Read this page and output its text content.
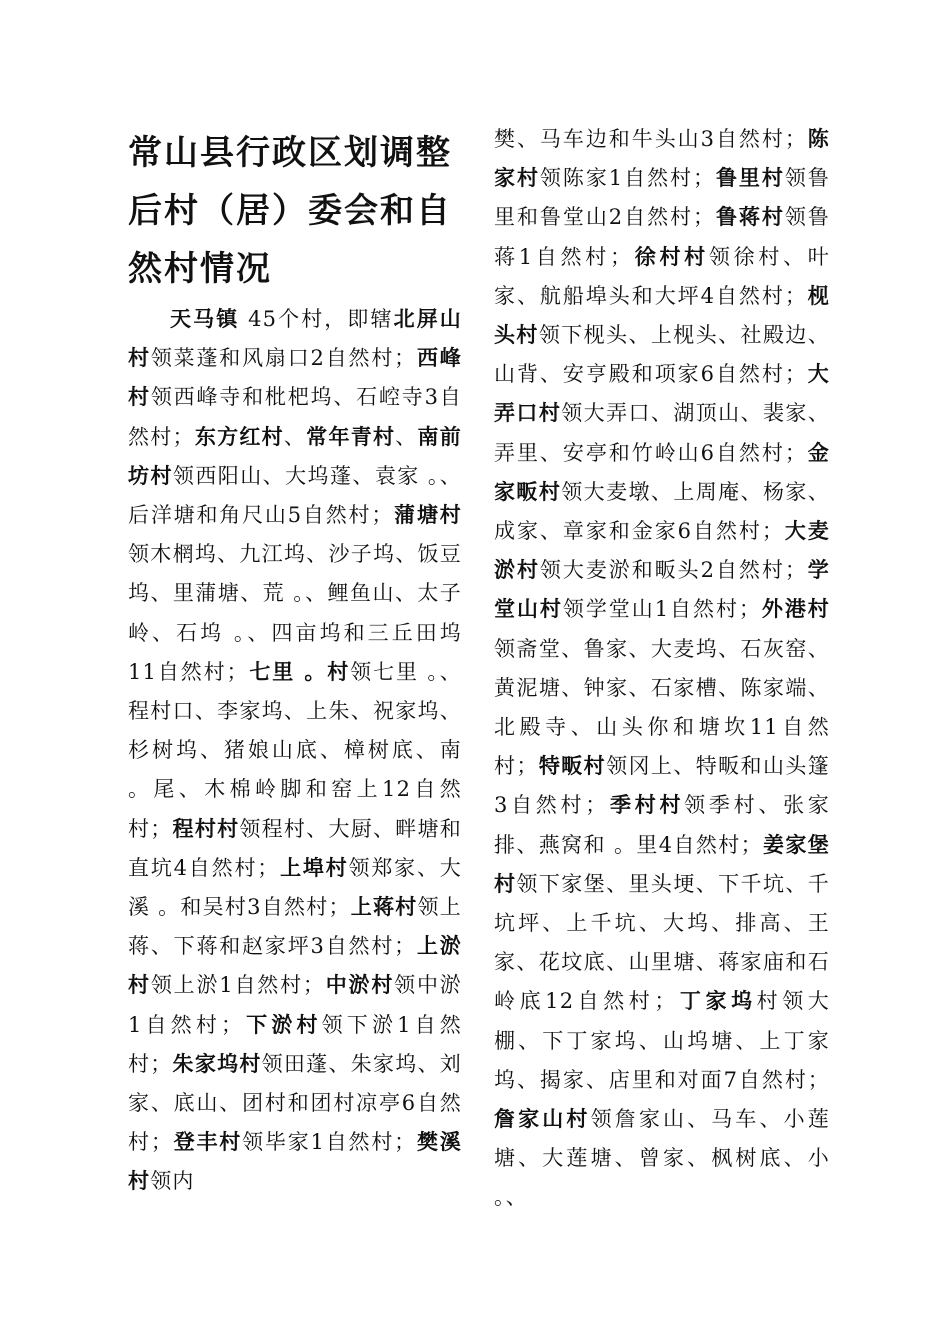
常山县行政区划调整后村（居）委会和自然村情况

天马镇 45个村，即辖北屏山村领菜蓬和风扇口2自然村；西峰村领西峰寺和枇杷坞、石崆寺3自然村；东方红村、常年青村、南前坊村领西阳山、大坞蓬、袁家 。、后洋塘和角尺山5自然村；蒲塘村领木棢坞、九江坞、沙子坞、饭豆坞、里蒲塘、荒 。、鲤鱼山、太子岭、石坞 。、四亩坞和三丘田坞11自然村；七里 。村领七里 。、程村口、李家坞、上朱、祝家坞、杉树坞、猪娘山底、樟树底、南 。尾、木棉岭脚和窑上12自然村；程村村领程村、大厨、畔塘和直坑4自然村；上埠村领郑家、大溪 。和吴村3自然村；上蒋村领上蒋、下蒋和赵家坪3自然村；上淤村领上淤1自然村；中淤村领中淤1自然村；下淤村领下淤1自然村；朱家坞村领田蓬、朱家坞、刘家、底山、团村和团村凉亭6自然村；登丰村领毕家1自然村；樊溪村领内

樊、马车边和牛头山3自然村；陈家村领陈家1自然村；鲁里村领鲁里和鲁堂山2自然村；鲁蒋村领鲁蒋1自然村；徐村村领徐村、叶家、航船埠头和大坪4自然村；枧头村领下枧头、上枧头、社殿边、山背、安亨殿和项家6自然村；大弄口村领大弄口、湖顶山、裴家、弄里、安亭和竹岭山6自然村；金家畈村领大麦墩、上周庵、杨家、成家、章家和金家6自然村；大麦淤村领大麦淤和畈头2自然村；学堂山村领学堂山1自然村；外港村领斋堂、鲁家、大麦坞、石灰窑、黄泥塘、钟家、石家槽、陈家端、北殿寺、山头你和塘坎11自然村；特畈村领冈上、特畈和山头篷3自然村；季村村领季村、张家排、燕窝和 。里4自然村；姜家堡村领下家堡、里头埂、下千坑、千坑坪、上千坑、大坞、排高、王家、花坟底、山里塘、蒋家庙和石岭底12自然村；丁家坞村领大棚、下丁家坞、山坞塘、上丁家坞、揭家、店里和对面7自然村；詹家山村领詹家山、马车、小莲塘、大莲塘、曾家、枫树底、小 。、
